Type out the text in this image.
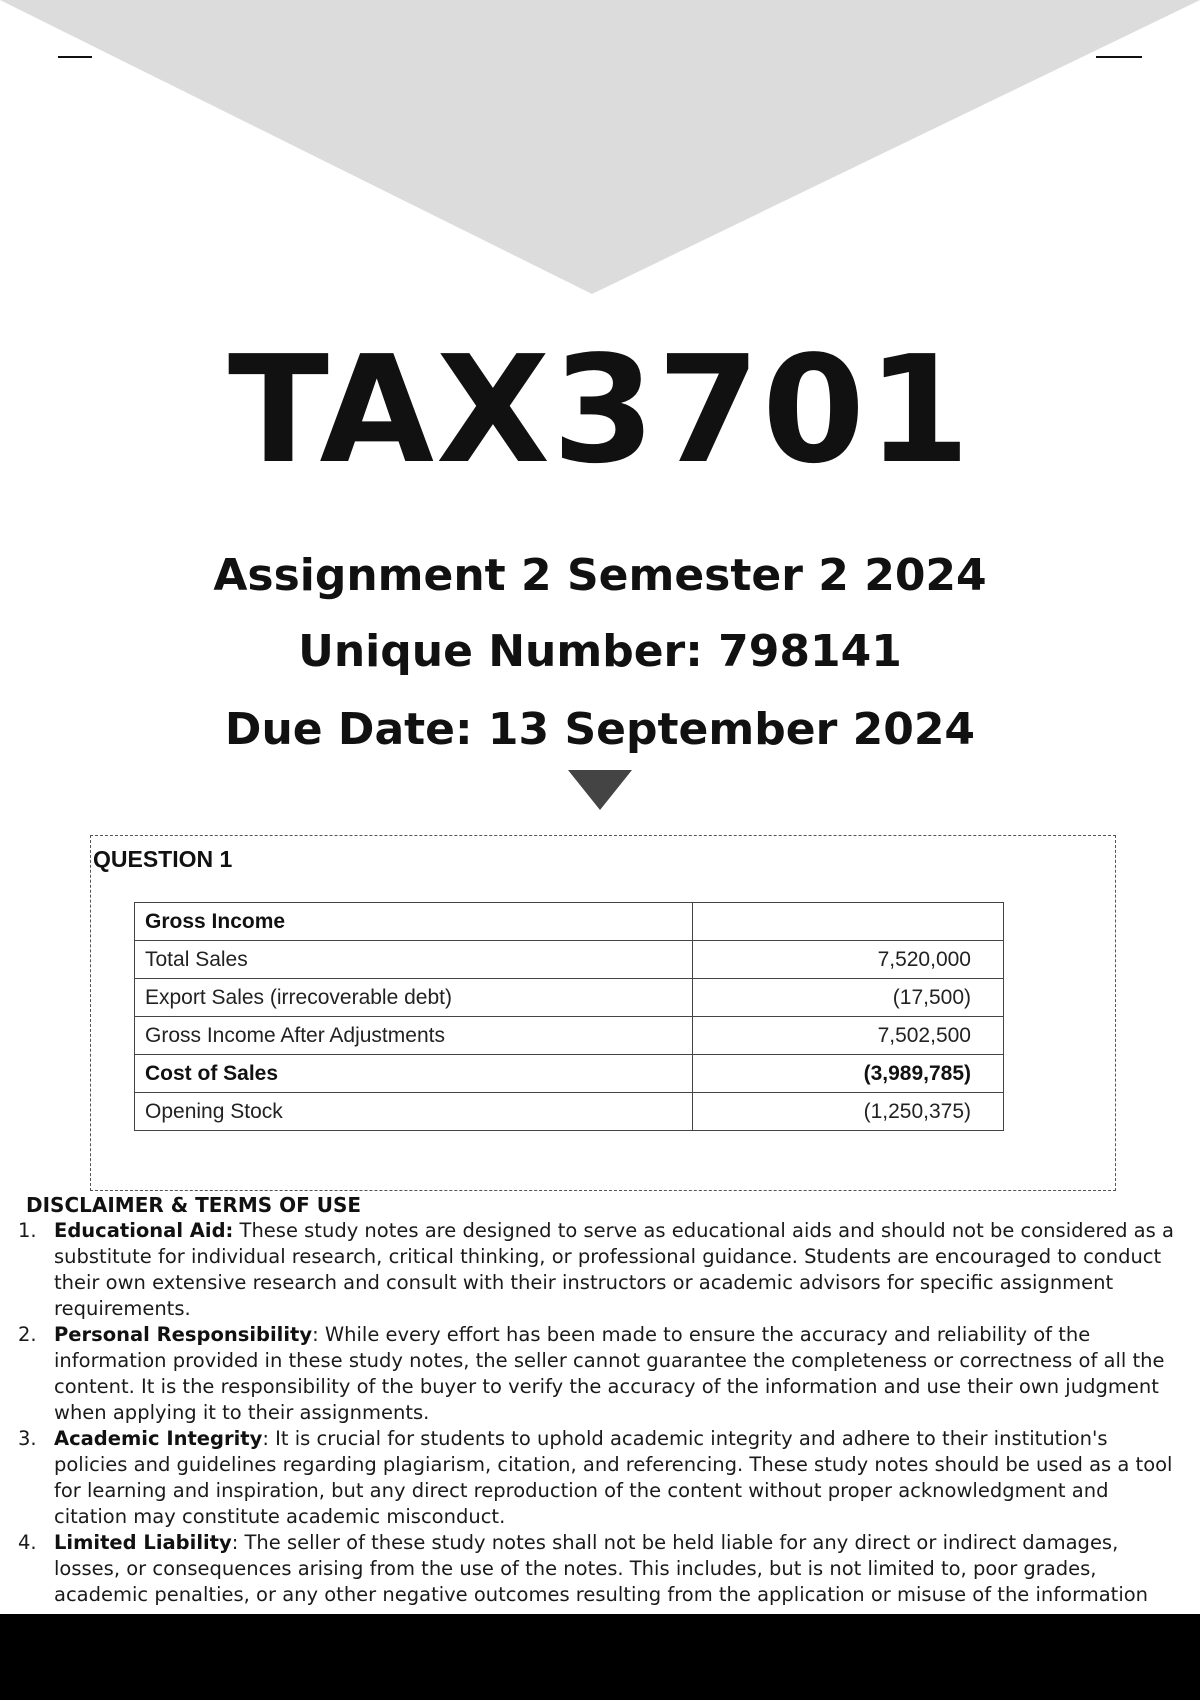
TAX3701
Assignment 2 Semester 2 2024
Unique Number: 798141
Due Date: 13 September 2024
QUESTION 1
Gross Income	
Total Sales	7,520,000
Export Sales (irrecoverable debt)	(17,500)
Gross Income After Adjustments	7,502,500
Cost of Sales	(3,989,785)
Opening Stock	(1,250,375)
DISCLAIMER & TERMS OF USE
1. Educational Aid: These study notes are designed to serve as educational aids and should not be considered as a substitute for individual research, critical thinking, or professional guidance. Students are encouraged to conduct their own extensive research and consult with their instructors or academic advisors for specific assignment requirements.
2. Personal Responsibility: While every effort has been made to ensure the accuracy and reliability of the information provided in these study notes, the seller cannot guarantee the completeness or correctness of all the content. It is the responsibility of the buyer to verify the accuracy of the information and use their own judgment when applying it to their assignments.
3. Academic Integrity: It is crucial for students to uphold academic integrity and adhere to their institution's policies and guidelines regarding plagiarism, citation, and referencing. These study notes should be used as a tool for learning and inspiration, but any direct reproduction of the content without proper acknowledgment and citation may constitute academic misconduct.
4. Limited Liability: The seller of these study notes shall not be held liable for any direct or indirect damages, losses, or consequences arising from the use of the notes. This includes, but is not limited to, poor grades, academic penalties, or any other negative outcomes resulting from the application or misuse of the information
